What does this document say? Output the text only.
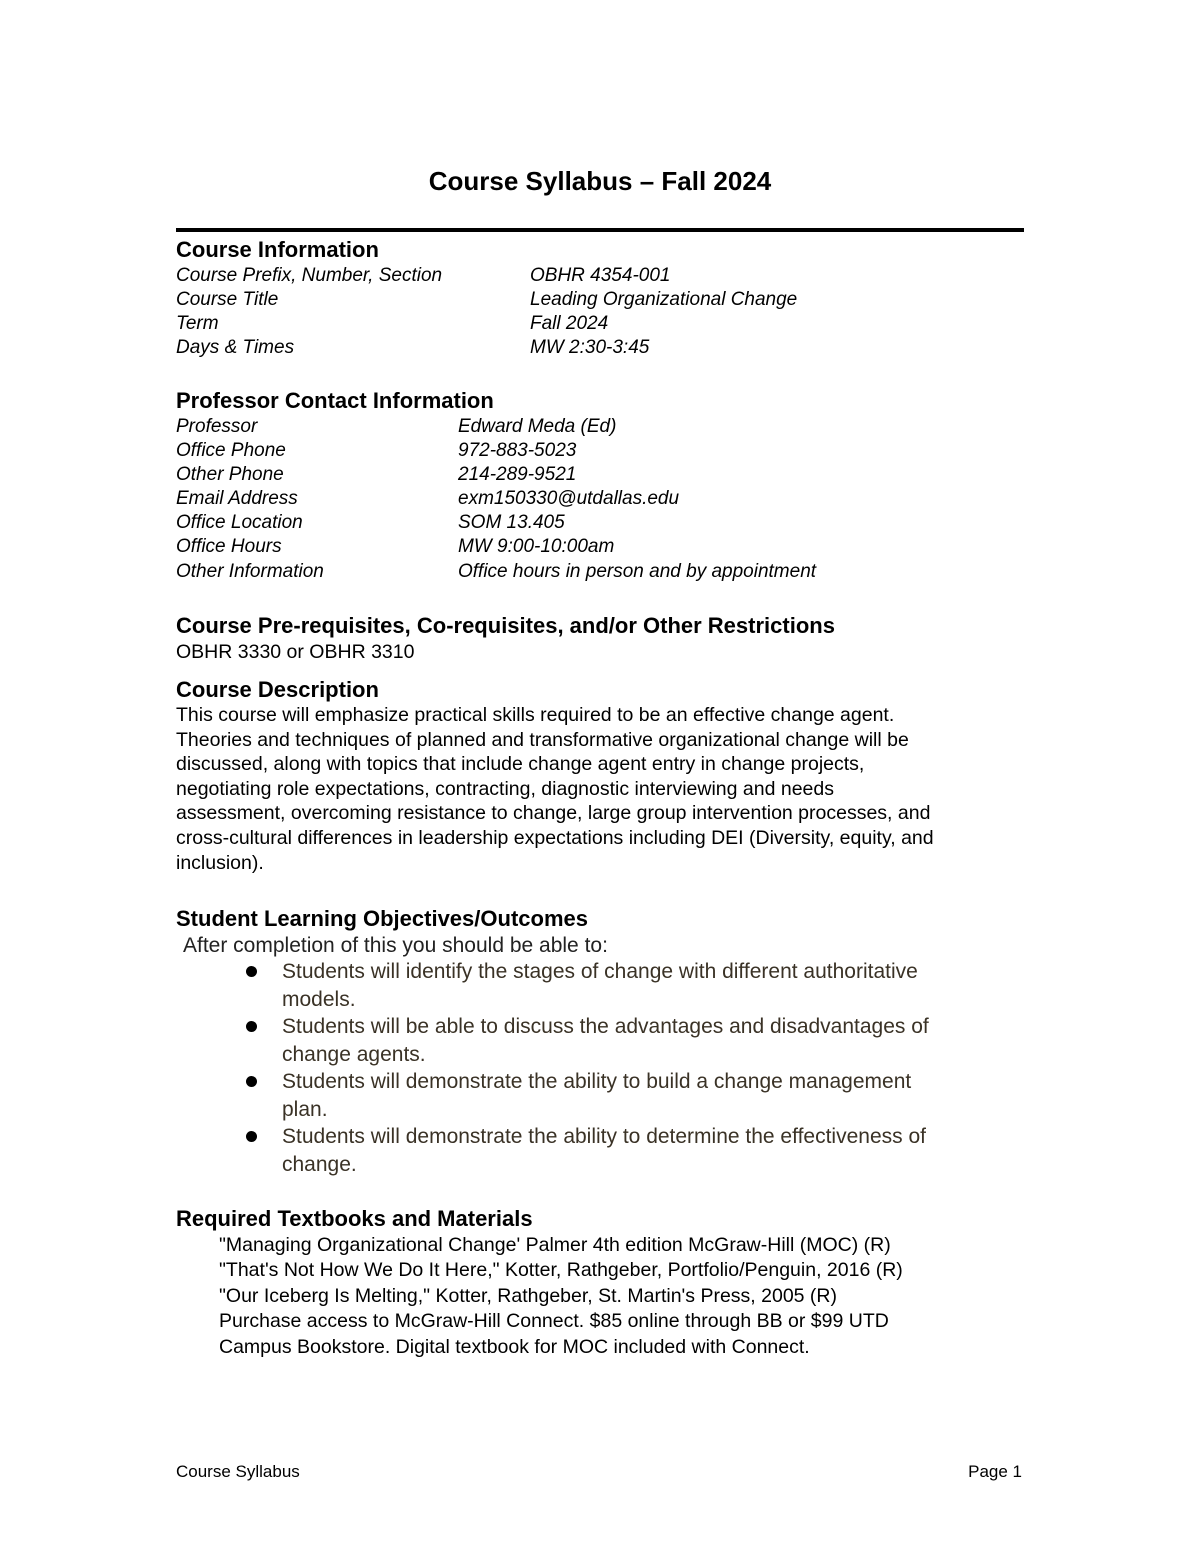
Course Syllabus – Fall 2024
Course Information
Course Prefix, Number, Section	OBHR 4354-001
Course Title	Leading Organizational Change
Term	Fall 2024
Days & Times	MW 2:30-3:45
Professor Contact Information
Professor	Edward Meda (Ed)
Office Phone	972-883-5023
Other Phone	214-289-9521
Email Address	exm150330@utdallas.edu
Office Location	SOM 13.405
Office Hours	MW 9:00-10:00am
Other Information	Office hours in person and by appointment
Course Pre-requisites, Co-requisites, and/or Other Restrictions
OBHR 3330 or OBHR 3310
Course Description
This course will emphasize practical skills required to be an effective change agent.
Theories and techniques of planned and transformative organizational change will be
discussed, along with topics that include change agent entry in change projects,
negotiating role expectations, contracting, diagnostic interviewing and needs
assessment, overcoming resistance to change, large group intervention processes, and
cross-cultural differences in leadership expectations including DEI (Diversity, equity, and
inclusion).
Student Learning Objectives/Outcomes
After completion of this you should be able to:
Students will identify the stages of change with different authoritative
models.
Students will be able to discuss the advantages and disadvantages of
change agents.
Students will demonstrate the ability to build a change management
plan.
Students will demonstrate the ability to determine the effectiveness of
change.
Required Textbooks and Materials
"Managing Organizational Change' Palmer 4th edition McGraw-Hill (MOC) (R)
"That's Not How We Do It Here," Kotter, Rathgeber, Portfolio/Penguin, 2016 (R)
"Our Iceberg Is Melting," Kotter, Rathgeber, St. Martin's Press, 2005 (R)
Purchase access to McGraw-Hill Connect. $85 online through BB or $99 UTD
Campus Bookstore. Digital textbook for MOC included with Connect.
Course Syllabus	Page 1
